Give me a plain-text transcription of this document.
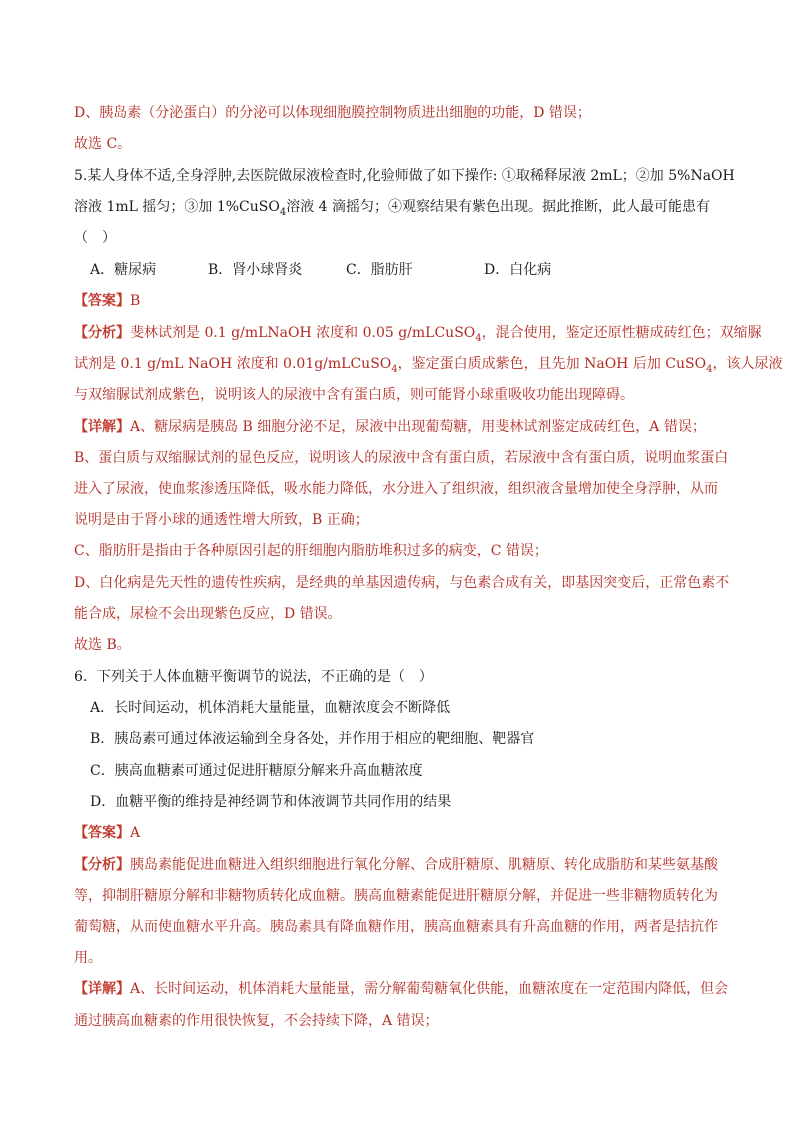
D、胰岛素（分泌蛋白）的分泌可以体现细胞膜控制物质进出细胞的功能，D 错误；
故选 C。
5.某人身体不适,全身浮肿,去医院做尿液检查时,化验师做了如下操作: ①取稀释尿液 2mL；②加 5%NaOH
溶液 1mL 摇匀；③加 1%CuSO$_4$溶液 4 滴摇匀；④观察结果有紫色出现。据此推断，此人最可能患有
（　）
A．糖尿病	B．肾小球肾炎	C．脂肪肝	D．白化病
【答案】B
【分析】斐林试剂是 0.1 g/mLNaOH 浓度和 0.05 g/mLCuSO$_4$，混合使用，鉴定还原性糖成砖红色；双缩脲
试剂是 0.1 g/mL NaOH 浓度和 0.01g/mLCuSO$_4$，鉴定蛋白质成紫色，且先加 NaOH 后加 CuSO$_4$，该人尿液
与双缩脲试剂成紫色，说明该人的尿液中含有蛋白质，则可能肾小球重吸收功能出现障碍。
【详解】A、糖尿病是胰岛 B 细胞分泌不足，尿液中出现葡萄糖，用斐林试剂鉴定成砖红色，A 错误；
B、蛋白质与双缩脲试剂的显色反应，说明该人的尿液中含有蛋白质，若尿液中含有蛋白质，说明血浆蛋白
进入了尿液，使血浆渗透压降低，吸水能力降低，水分进入了组织液，组织液含量增加使全身浮肿，从而
说明是由于肾小球的通透性增大所致，B 正确；
C、脂肪肝是指由于各种原因引起的肝细胞内脂肪堆积过多的病变，C 错误；
D、白化病是先天性的遗传性疾病，是经典的单基因遗传病，与色素合成有关，即基因突变后，正常色素不
能合成，尿检不会出现紫色反应，D 错误。
故选 B。
6．下列关于人体血糖平衡调节的说法，不正确的是（　）
A．长时间运动，机体消耗大量能量，血糖浓度会不断降低
B．胰岛素可通过体液运输到全身各处，并作用于相应的靶细胞、靶器官
C．胰高血糖素可通过促进肝糖原分解来升高血糖浓度
D．血糖平衡的维持是神经调节和体液调节共同作用的结果
【答案】A
【分析】胰岛素能促进血糖进入组织细胞进行氧化分解、合成肝糖原、肌糖原、转化成脂肪和某些氨基酸
等，抑制肝糖原分解和非糖物质转化成血糖。胰高血糖素能促进肝糖原分解，并促进一些非糖物质转化为
葡萄糖，从而使血糖水平升高。胰岛素具有降血糖作用，胰高血糖素具有升高血糖的作用，两者是拮抗作
用。
【详解】A、长时间运动，机体消耗大量能量，需分解葡萄糖氧化供能，血糖浓度在一定范围内降低，但会
通过胰高血糖素的作用很快恢复，不会持续下降，A 错误；
